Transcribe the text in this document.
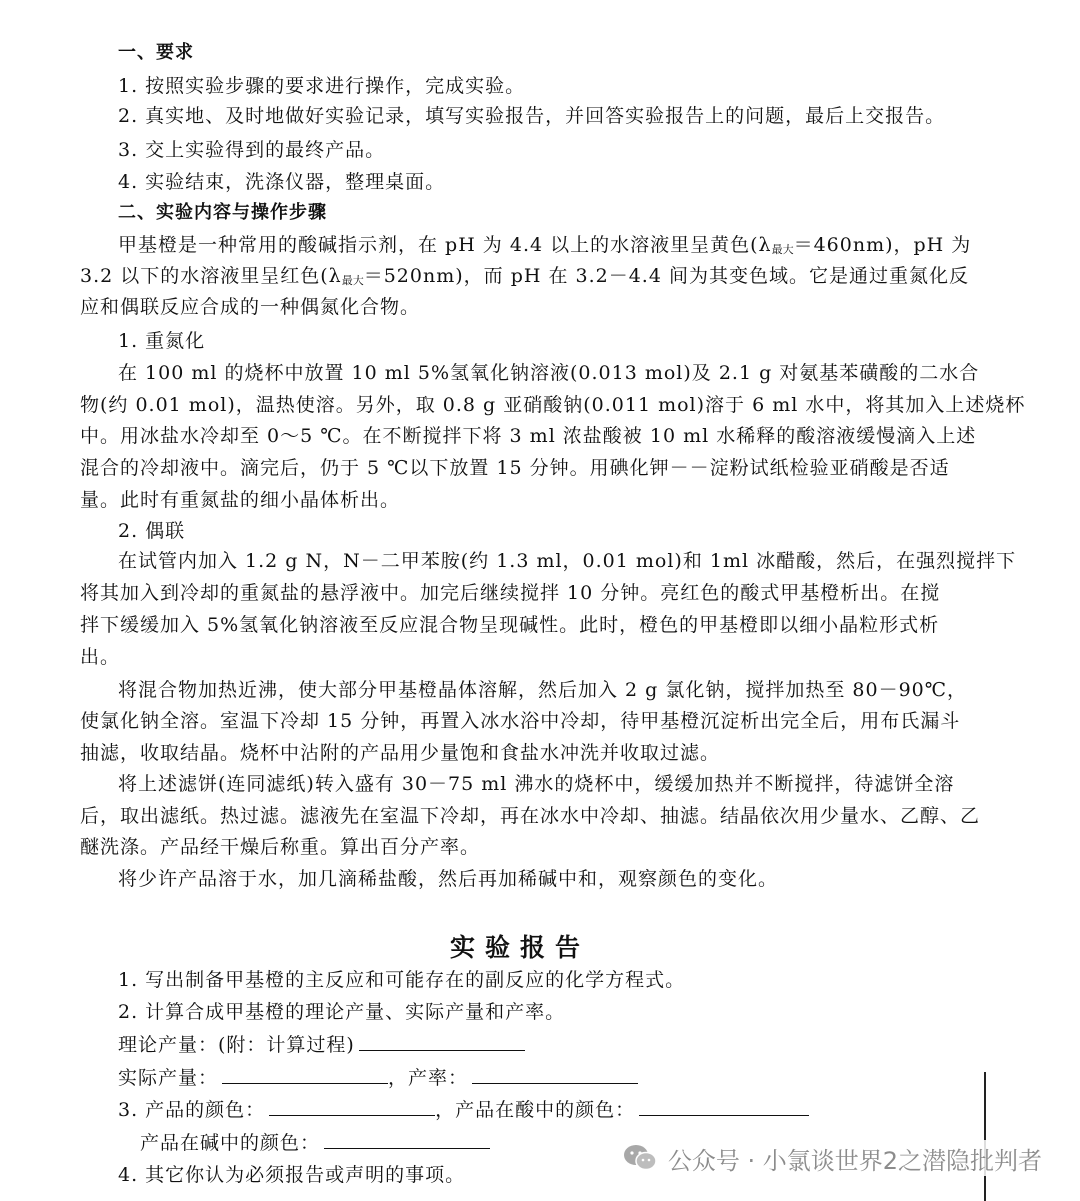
一、要求
1. 按照实验步骤的要求进行操作，完成实验。
2. 真实地、及时地做好实验记录，填写实验报告，并回答实验报告上的问题，最后上交报告。
3. 交上实验得到的最终产品。
4. 实验结束，洗涤仪器，整理桌面。
二、实验内容与操作步骤
甲基橙是一种常用的酸碱指示剂，在 pH 为 4.4 以上的水溶液里呈黄色(λ最大＝460nm)，pH 为
3.2 以下的水溶液里呈红色(λ最大＝520nm)，而 pH 在 3.2－4.4 间为其变色域。它是通过重氮化反
应和偶联反应合成的一种偶氮化合物。
1. 重氮化
在 100 ml 的烧杯中放置 10 ml 5%氢氧化钠溶液(0.013 mol)及 2.1 g 对氨基苯磺酸的二水合
物(约 0.01 mol)，温热使溶。另外，取 0.8 g 亚硝酸钠(0.011 mol)溶于 6 ml 水中，将其加入上述烧杯
中。用冰盐水冷却至 0～5 ℃。在不断搅拌下将 3 ml 浓盐酸被 10 ml 水稀释的酸溶液缓慢滴入上述
混合的冷却液中。滴完后，仍于 5 ℃以下放置 15 分钟。用碘化钾－－淀粉试纸检验亚硝酸是否适
量。此时有重氮盐的细小晶体析出。
2. 偶联
在试管内加入 1.2 g N，N－二甲苯胺(约 1.3 ml，0.01 mol)和 1ml 冰醋酸，然后，在强烈搅拌下
将其加入到冷却的重氮盐的悬浮液中。加完后继续搅拌 10 分钟。亮红色的酸式甲基橙析出。在搅
拌下缓缓加入 5%氢氧化钠溶液至反应混合物呈现碱性。此时，橙色的甲基橙即以细小晶粒形式析
出。
将混合物加热近沸，使大部分甲基橙晶体溶解，然后加入 2 g 氯化钠，搅拌加热至 80－90℃，
使氯化钠全溶。室温下冷却 15 分钟，再置入冰水浴中冷却，待甲基橙沉淀析出完全后，用布氏漏斗
抽滤，收取结晶。烧杯中沾附的产品用少量饱和食盐水冲洗并收取过滤。
将上述滤饼(连同滤纸)转入盛有 30－75 ml 沸水的烧杯中，缓缓加热并不断搅拌，待滤饼全溶
后，取出滤纸。热过滤。滤液先在室温下冷却，再在冰水中冷却、抽滤。结晶依次用少量水、乙醇、乙
醚洗涤。产品经干燥后称重。算出百分产率。
将少许产品溶于水，加几滴稀盐酸，然后再加稀碱中和，观察颜色的变化。
实验报告
1. 写出制备甲基橙的主反应和可能存在的副反应的化学方程式。
2. 计算合成甲基橙的理论产量、实际产量和产率。
理论产量：(附：计算过程)
实际产量：	，产率：
3. 产品的颜色：	，产品在酸中的颜色：
产品在碱中的颜色：
4. 其它你认为必须报告或声明的事项。
公众号 · 小氯谈世界2之潜隐批判者
